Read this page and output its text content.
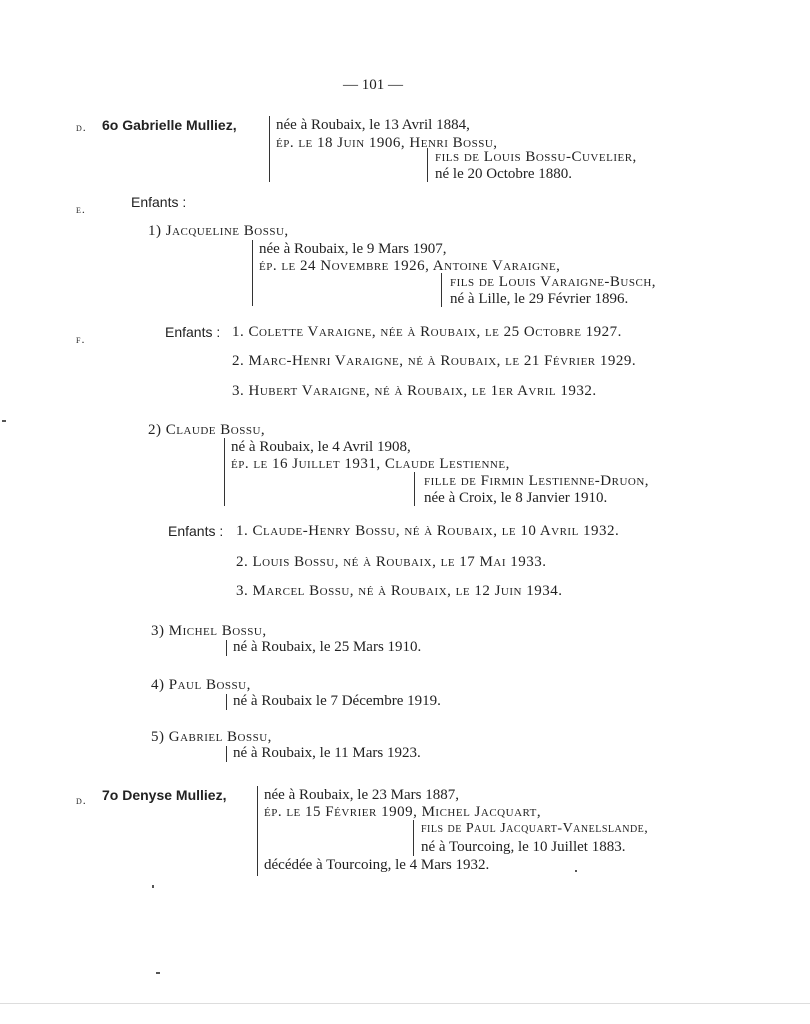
— 101 —
d. 6o Gabrielle Mulliez,	née à Roubaix, le 13 Avril 1884,
ép. le 18 Juin 1906, Henri Bossu,
fils de Louis Bossu-Cuvelier,
né le 20 Octobre 1880.
e.	Enfants :
1) Jacqueline Bossu,
née à Roubaix, le 9 Mars 1907,
ép. le 24 Novembre 1926, Antoine Varaigne,
fils de Louis Varaigne-Busch,
né à Lille, le 29 Février 1896.
f.	Enfants : 1. Colette Varaigne, née à Roubaix, le 25 Octobre 1927.
2. Marc-Henri Varaigne, né à Roubaix, le 21 Février 1929.
3. Hubert Varaigne, né à Roubaix, le 1er Avril 1932.
2) Claude Bossu,
né à Roubaix, le 4 Avril 1908,
ép. le 16 Juillet 1931, Claude Lestienne,
fille de Firmin Lestienne-Druon,
née à Croix, le 8 Janvier 1910.
Enfants : 1. Claude-Henry Bossu, né à Roubaix, le 10 Avril 1932.
2. Louis Bossu, né à Roubaix, le 17 Mai 1933.
3. Marcel Bossu, né à Roubaix, le 12 Juin 1934.
3) Michel Bossu,
né à Roubaix, le 25 Mars 1910.
4) Paul Bossu,
né à Roubaix le 7 Décembre 1919.
5) Gabriel Bossu,
né à Roubaix, le 11 Mars 1923.
d. 7o Denyse Mulliez,	née à Roubaix, le 23 Mars 1887,
ép. le 15 Février 1909, Michel Jacquart,
fils de Paul Jacquart-Vanelslande,
né à Tourcoing, le 10 Juillet 1883.
décédée à Tourcoing, le 4 Mars 1932.
